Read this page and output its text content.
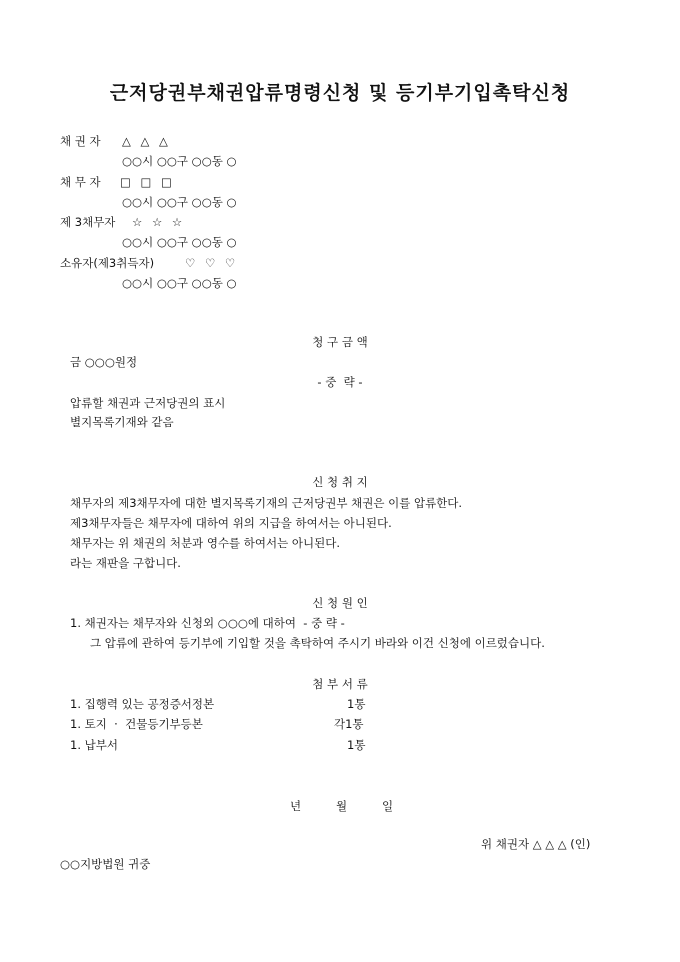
근저당권부채권압류명령신청 및 등기부기입촉탁신청
채 권 자 △ △ △
○○시 ○○구 ○○동 ○
채 무 자 □ □ □
○○시 ○○구 ○○동 ○
제 3채무자 ☆ ☆ ☆
○○시 ○○구 ○○동 ○
소유자(제3취득자)	♡ ♡ ♡
○○시 ○○구 ○○동 ○
청 구 금 액
금 ○○○원정
- 중  략 -
압류할 채권과 근저당권의 표시
별지목록기재와 같음
신 청 취 지
채무자의 제3채무자에 대한 별지목록기재의 근저당권부 채권은 이를 압류한다.
제3채무자들은 채무자에 대하여 위의 지급을 하여서는 아니된다.
채무자는 위 채권의 처분과 영수를 하여서는 아니된다.
라는 재판을 구합니다.
신 청 원 인
1. 채권자는 채무자와 신청외 ○○○에 대하여  - 중 략 -
그 압류에 관하여 등기부에 기입할 것을 촉탁하여 주시기 바라와 이건 신청에 이르렀습니다.
첨 부 서 류
1. 집행력 있는 공정증서정본	1통
1. 토지  ·  건물등기부등본	각1통
1. 납부서	1통
년	월	일
위 채권자 △ △ △ (인)
○○지방법원 귀중
